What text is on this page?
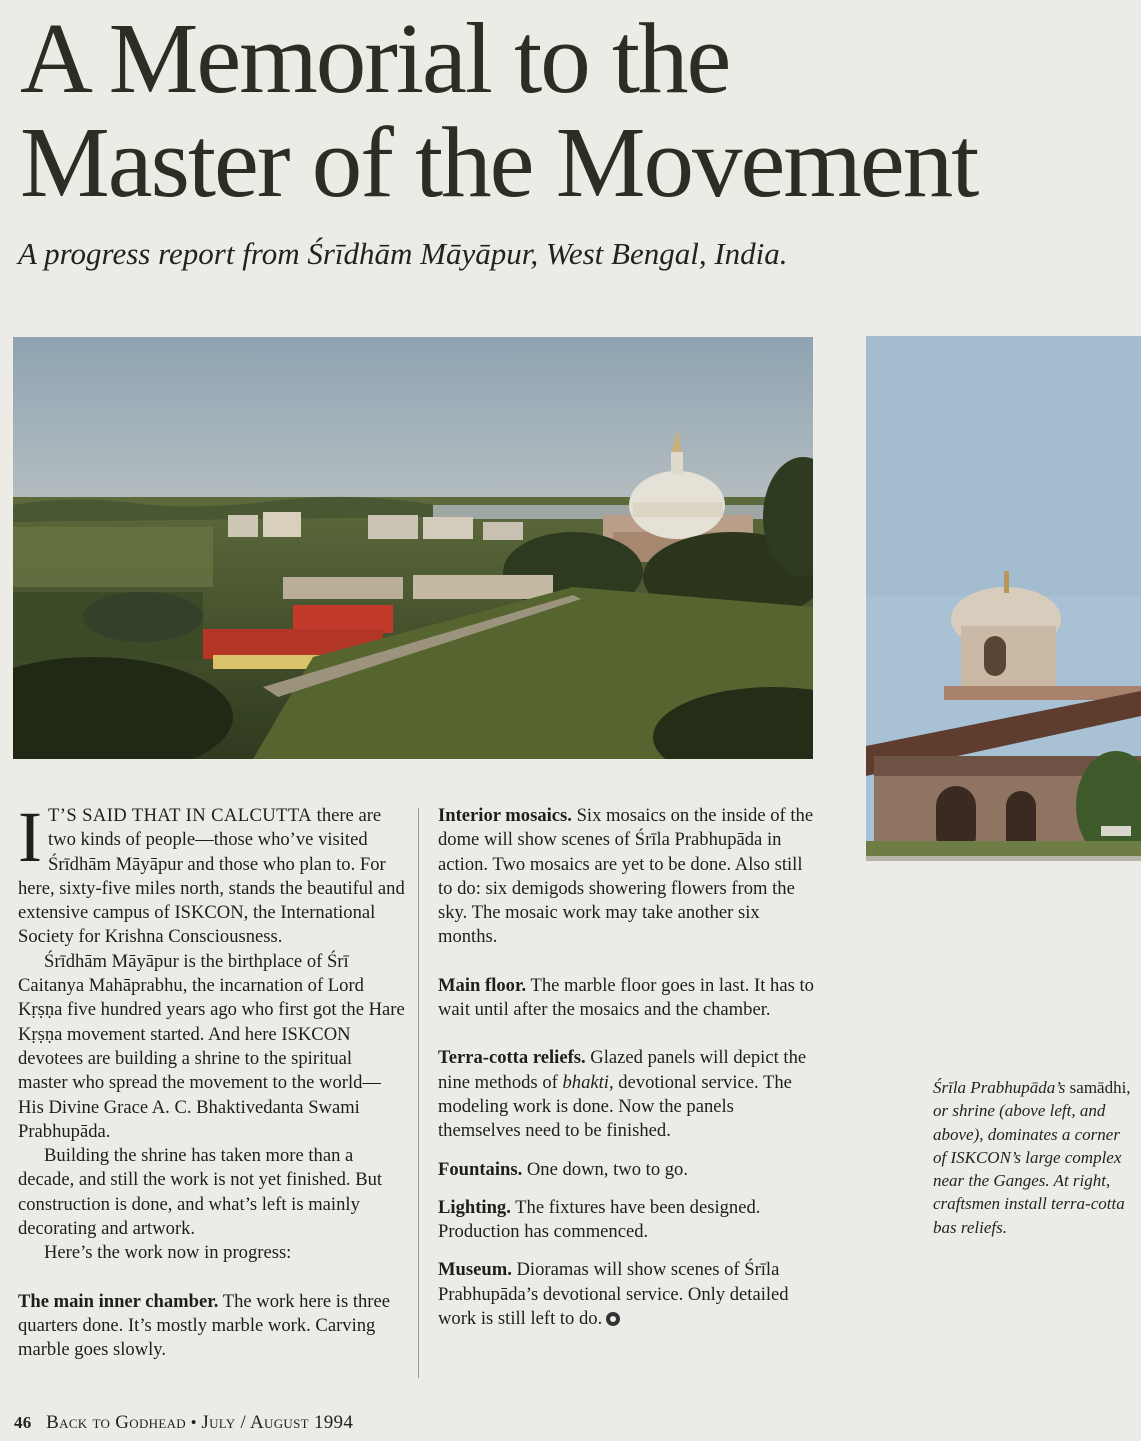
A Memorial to the
Master of the Movement

A progress report from Śrīdhām Māyāpur, West Bengal, India.

I T’S SAID THAT IN CALCUTTA there are two kinds of people—those who’ve visited Śrīdhām Māyāpur and those who plan to. For here, sixty-five miles north, stands the beautiful and extensive campus of ISKCON, the International Society for Krishna Consciousness.

Śrīdhām Māyāpur is the birthplace of Śrī Caitanya Mahāprabhu, the incarnation of Lord Kṛṣṇa five hundred years ago who first got the Hare Kṛṣṇa movement started. And here ISKCON devotees are building a shrine to the spiritual master who spread the movement to the world—His Divine Grace A. C. Bhaktivedanta Swami Prabhupāda.

Building the shrine has taken more than a decade, and still the work is not yet finished. But construction is done, and what’s left is mainly decorating and artwork.

Here’s the work now in progress:

The main inner chamber. The work here is three quarters done. It’s mostly marble work. Carving marble goes slowly.

Interior mosaics. Six mosaics on the inside of the dome will show scenes of Śrīla Prabhupāda in action. Two mosaics are yet to be done. Also still to do: six demigods showering flowers from the sky. The mosaic work may take another six months.

Main floor. The marble floor goes in last. It has to wait until after the mosaics and the chamber.

Terra-cotta reliefs. Glazed panels will depict the nine methods of bhakti, devotional service. The modeling work is done. Now the panels themselves need to be finished.

Fountains. One down, two to go.

Lighting. The fixtures have been designed. Production has commenced.

Museum. Dioramas will show scenes of Śrīla Prabhupāda’s devotional service. Only detailed work is still left to do.

Śrīla Prabhupāda’s samādhi, or shrine (above left, and above), dominates a corner of ISKCON’s large complex near the Ganges. At right, craftsmen install terra-cotta bas reliefs.
46 Back to Godhead • July / August 1994
